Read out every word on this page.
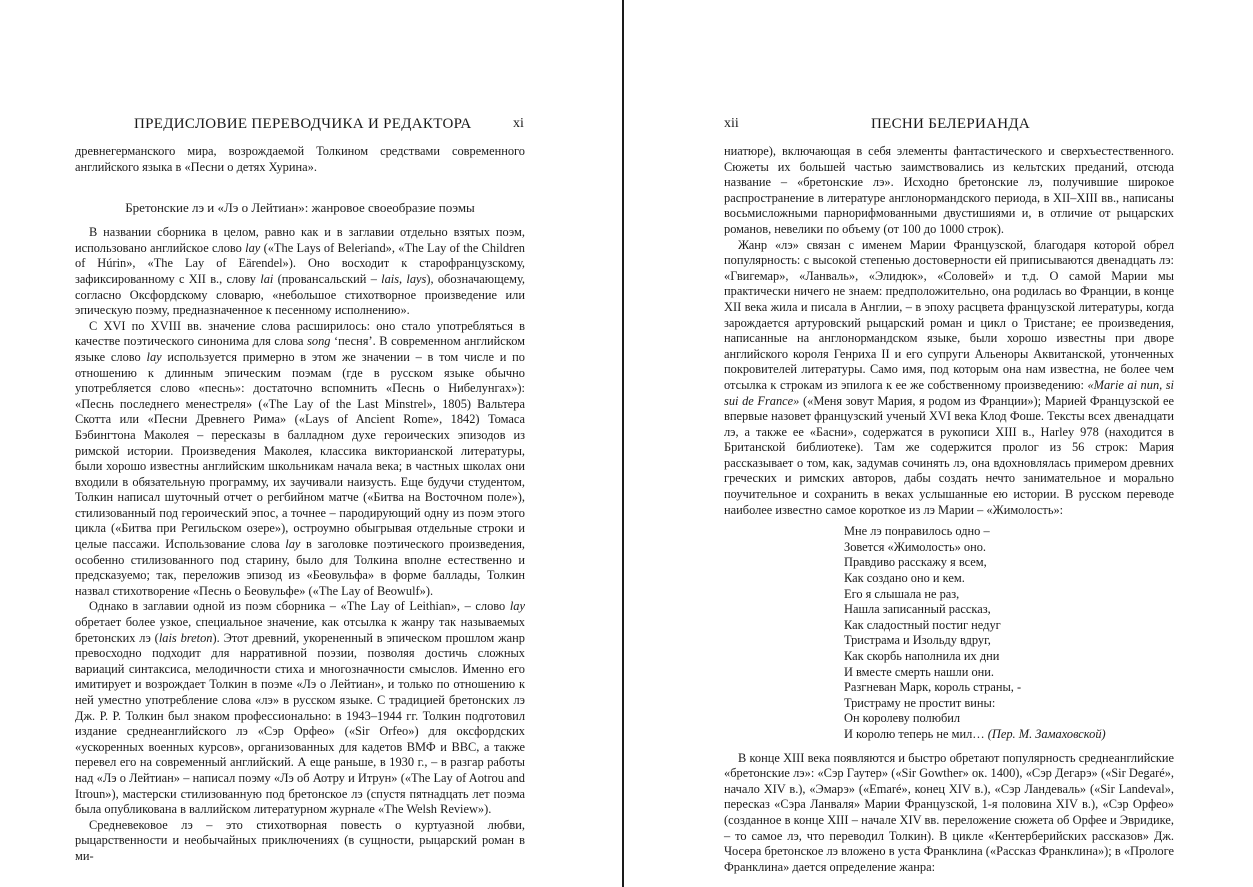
ПРЕДИСЛОВИЕ ПЕРЕВОДЧИКА И РЕДАКТОРА	xi

древнегерманского мира, возрождаемой Толкином средствами современного английского языка в «Песни о детях Хурина».

Бретонские лэ и «Лэ о Лейтиан»: жанровое своеобразие поэмы

В названии сборника в целом, равно как и в заглавии отдельно взятых поэм, использовано английское слово lay («The Lays of Beleriand», «The Lay of the Children of Húrin», «The Lay of Eärendel»). Оно восходит к старофранцузскому, зафиксированному с XII в., слову lai (провансальский – lais, lays), обозначающему, согласно Оксфордскому словарю, «небольшое стихотворное произведение или эпическую поэму, предназначенное к песенному исполнению».

С XVI по XVIII вв. значение слова расширилось: оно стало употребляться в качестве поэтического синонима для слова song ‘песня’. В современном английском языке слово lay используется примерно в этом же значении – в том числе и по отношению к длинным эпическим поэмам (где в русском языке обычно употребляется слово «песнь»: достаточно вспомнить «Песнь о Нибелунгах»): «Песнь последнего менестреля» («The Lay of the Last Minstrel», 1805) Вальтера Скотта или «Песни Древнего Рима» («Lays of Ancient Rome», 1842) Томаса Бэбингтона Маколея – пересказы в балладном духе героических эпизодов из римской истории. Произведения Маколея, классика викторианской литературы, были хорошо известны английским школьникам начала века; в частных школах они входили в обязательную программу, их заучивали наизусть. Еще будучи студентом, Толкин написал шуточный отчет о регбийном матче («Битва на Восточном поле»), стилизованный под героический эпос, а точнее – пародирующий одну из поэм этого цикла («Битва при Регильском озере»), остроумно обыгрывая отдельные строки и целые пассажи. Использование слова lay в заголовке поэтического произведения, особенно стилизованного под старину, было для Толкина вполне естественно и предсказуемо; так, переложив эпизод из «Беовульфа» в форме баллады, Толкин назвал стихотворение «Песнь о Беовульфе» («The Lay of Beowulf»).

Однако в заглавии одной из поэм сборника – «The Lay of Leithian», – слово lay обретает более узкое, специальное значение, как отсылка к жанру так называемых бретонских лэ (lais breton). Этот древний, укорененный в эпическом прошлом жанр превосходно подходит для нарративной поэзии, позволяя достичь сложных вариаций синтаксиса, мелодичности стиха и многозначности смыслов. Именно его имитирует и возрождает Толкин в поэме «Лэ о Лейтиан», и только по отношению к ней уместно употребление слова «лэ» в русском языке. С традицией бретонских лэ Дж. Р. Р. Толкин был знаком профессионально: в 1943–1944 гг. Толкин подготовил издание среднеанглийского лэ «Сэр Орфео» («Sir Orfeo») для оксфордских «ускоренных военных курсов», организованных для кадетов ВМФ и ВВС, а также перевел его на современный английский. А еще раньше, в 1930 г., – в разгар работы над «Лэ о Лейтиан» – написал поэму «Лэ об Аотру и Итрун» («The Lay of Aotrou and Itroun»), мастерски стилизованную под бретонское лэ (спустя пятнадцать лет поэма была опубликована в валлийском литературном журнале «The Welsh Review»).

Средневековое лэ – это стихотворная повесть о куртуазной любви, рыцарственности и необычайных приключениях (в сущности, рыцарский роман в ми-

xii	ПЕСНИ БЕЛЕРИАНДА

ниатюре), включающая в себя элементы фантастического и сверхъестественного. Сюжеты их большей частью заимствовались из кельтских преданий, отсюда название – «бретонские лэ». Исходно бретонские лэ, получившие широкое распространение в литературе англонормандского периода, в XII–XIII вв., написаны восьмисложными парнорифмованными двустишиями и, в отличие от рыцарских романов, невелики по объему (от 100 до 1000 строк).

Жанр «лэ» связан с именем Марии Французской, благодаря которой обрел популярность: с высокой степенью достоверности ей приписываются двенадцать лэ: «Гвигемар», «Ланваль», «Элидюк», «Соловей» и т.д. О самой Марии мы практически ничего не знаем: предположительно, она родилась во Франции, в конце XII века жила и писала в Англии, – в эпоху расцвета французской литературы, когда зарождается артуровский рыцарский роман и цикл о Тристане; ее произведения, написанные на англонормандском языке, были хорошо известны при дворе английского короля Генриха II и его супруги Альеноры Аквитанской, утонченных покровителей литературы. Само имя, под которым она нам известна, не более чем отсылка к строкам из эпилога к ее же собственному произведению: «Marie ai nun, si sui de France» («Меня зовут Мария, я родом из Франции»); Марией Французской ее впервые назовет французский ученый XVI века Клод Фоше. Тексты всех двенадцати лэ, а также ее «Басни», содержатся в рукописи XIII в., Harley 978 (находится в Британской библиотеке). Там же содержится пролог из 56 строк: Мария рассказывает о том, как, задумав сочинять лэ, она вдохновлялась примером древних греческих и римских авторов, дабы создать нечто занимательное и морально поучительное и сохранить в веках услышанные ею истории. В русском переводе наиболее известно самое короткое из лэ Марии – «Жимолость»:

Мне лэ понравилось одно –
Зовется «Жимолость» оно.
Правдиво расскажу я всем,
Как создано оно и кем.
Его я слышала не раз,
Нашла записанный рассказ,
Как сладостный постиг недуг
Тристрама и Изольду вдруг,
Как скорбь наполнила их дни
И вместе смерть нашли они.
Разгневан Марк, король страны, -
Тристраму не простит вины:
Он королеву полюбил
И королю теперь не мил… (Пер. М. Замаховской)

В конце XIII века появляются и быстро обретают популярность среднеанглийские «бретонские лэ»: «Сэр Гаутер» («Sir Gowther» ок. 1400), «Сэр Дегарэ» («Sir Degaré», начало XIV в.), «Эмарэ» («Emaré», конец XIV в.), «Сэр Ландеваль» («Sir Landeval», пересказ «Сэра Ланваля» Марии Французской, 1-я половина XIV в.), «Сэр Орфео» (созданное в конце XIII – начале XIV вв. переложение сюжета об Орфее и Эвридике, – то самое лэ, что переводил Толкин). В цикле «Кентерберийских рассказов» Дж. Чосера бретонское лэ вложено в уста Франклина («Рассказ Франклина»); в «Прологе Франклина» дается определение жанра:
